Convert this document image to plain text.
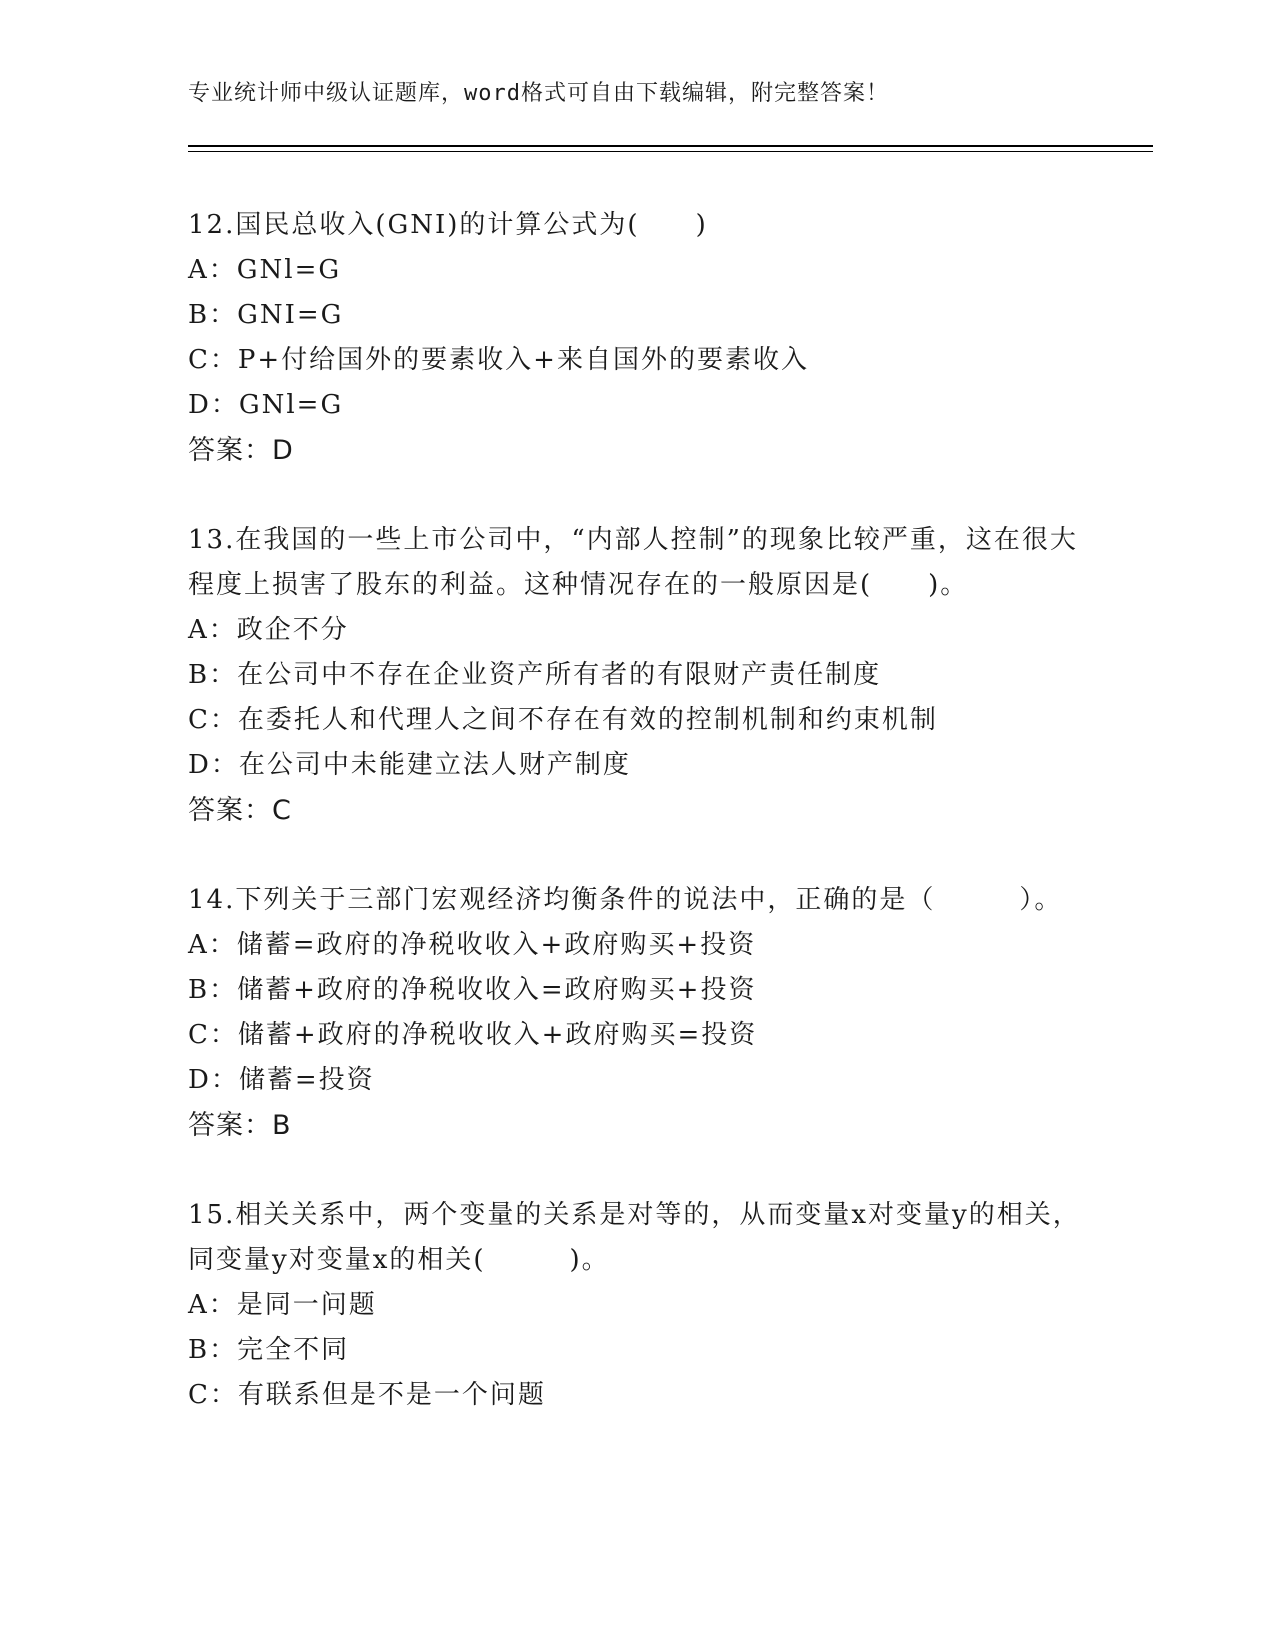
专业统计师中级认证题库，word格式可自由下载编辑，附完整答案！
12.国民总收入(GNI)的计算公式为(　　)
A：GNl=G
B：GNI=G
C：P+付给国外的要素收入+来自国外的要素收入
D：GNl=G
答案：D
13.在我国的一些上市公司中，“内部人控制”的现象比较严重，这在很大程度上损害了股东的利益。这种情况存在的一般原因是(　　)。
A：政企不分
B：在公司中不存在企业资产所有者的有限财产责任制度
C：在委托人和代理人之间不存在有效的控制机制和约束机制
D：在公司中未能建立法人财产制度
答案：C
14.下列关于三部门宏观经济均衡条件的说法中，正确的是（　　　）。
A：储蓄=政府的净税收收入+政府购买+投资
B：储蓄+政府的净税收收入=政府购买+投资
C：储蓄+政府的净税收收入+政府购买=投资
D：储蓄=投资
答案：B
15.相关关系中，两个变量的关系是对等的，从而变量x对变量y的相关，同变量y对变量x的相关(　　　)。
A：是同一问题
B：完全不同
C：有联系但是不是一个问题
